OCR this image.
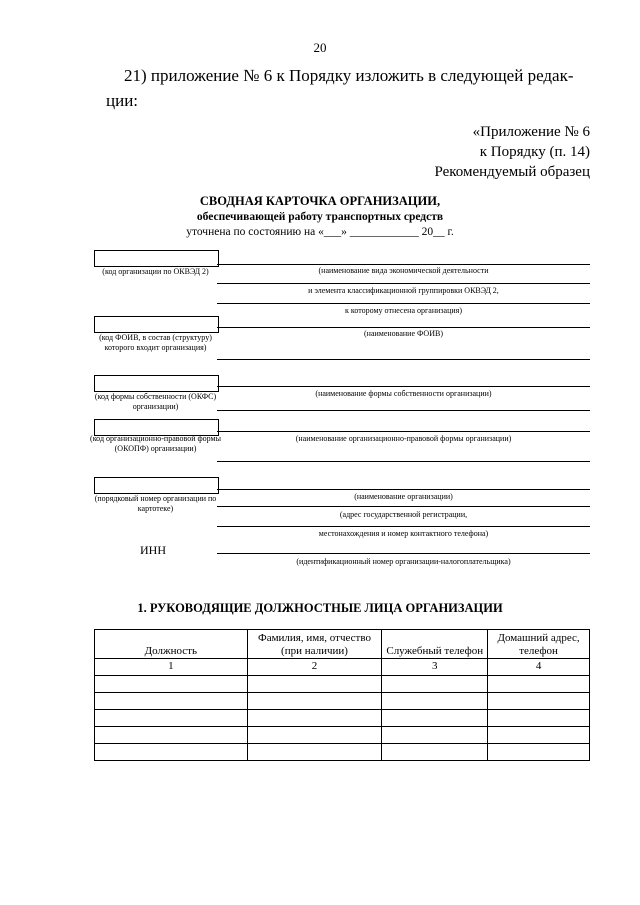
20
21) приложение № 6 к Порядку изложить в следующей редак-
ции:
«Приложение № 6
к Порядку (п. 14)
Рекомендуемый образец
СВОДНАЯ КАРТОЧКА ОРГАНИЗАЦИИ,
обеспечивающей работу транспортных средств
уточнена по состоянию на «___» ____________ 20__ г.
(код организации по ОКВЭД 2)	(наименование вида экономической деятельности
и элемента классификационной группировки ОКВЭД 2,
к которому отнесена организация)
(код ФОИВ, в состав (структуру) которого входит организация)
(наименование ФОИВ)
(код формы собственности (ОКФС) организации)
(наименование формы собственности организации)
(код организационно-правовой формы (ОКОПФ) организации)
(наименование организационно-правовой формы организации)
(порядковый номер организации по картотеке)
(наименование организации)
(адрес государственной регистрации,
местонахождения и номер контактного телефона)
ИНН
(идентификационный номер организации-налогоплательщика)
1. РУКОВОДЯЩИЕ ДОЛЖНОСТНЫЕ ЛИЦА ОРГАНИЗАЦИИ
Должность	Фамилия, имя, отчество (при наличии)	Служебный телефон	Домашний адрес, телефон
1	2	3	4
